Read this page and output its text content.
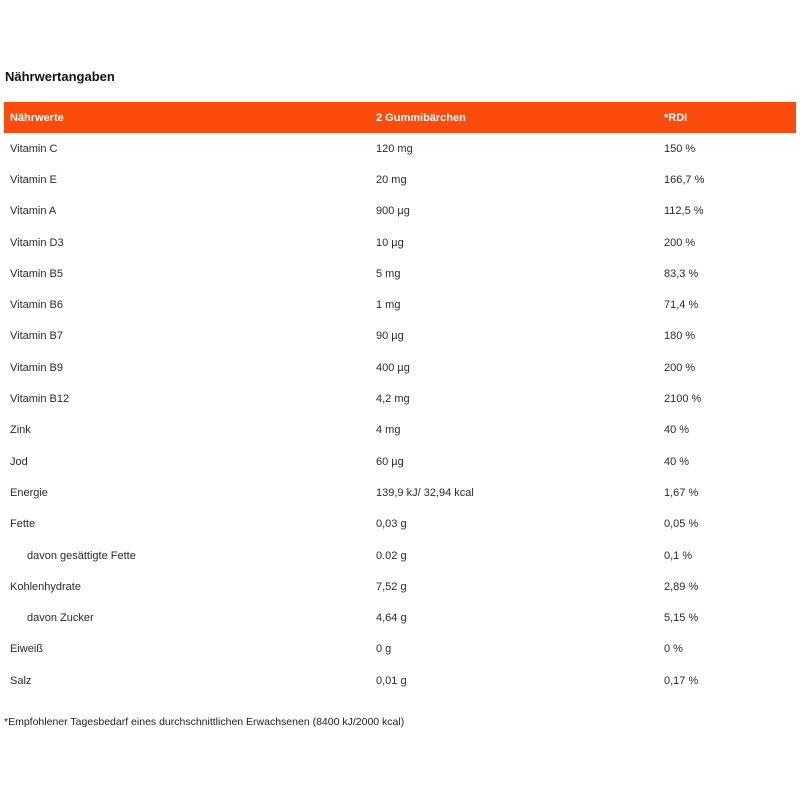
Nährwertangaben
Nährwerte	2 Gummibärchen	*RDI
Vitamin C	120 mg	150 %
Vitamin E	20 mg	166,7 %
Vitamin A	900 µg	112,5 %
Vitamin D3	10 µg	200 %
Vitamin B5	5 mg	83,3 %
Vitamin B6	1 mg	71,4 %
Vitamin B7	90 µg	180 %
Vitamin B9	400 µg	200 %
Vitamin B12	4,2 mg	2100 %
Zink	4 mg	40 %
Jod	60 µg	40 %
Energie	139,9 kJ/ 32,94 kcal	1,67 %
Fette	0,03 g	0,05 %
davon gesättigte Fette	0.02 g	0,1 %
Kohlenhydrate	7,52 g	2,89 %
davon Zucker	4,64 g	5,15 %
Eiweiß	0 g	0 %
Salz	0,01 g	0,17 %
*Empfohlener Tagesbedarf eines durchschnittlichen Erwachsenen (8400 kJ/2000 kcal)
